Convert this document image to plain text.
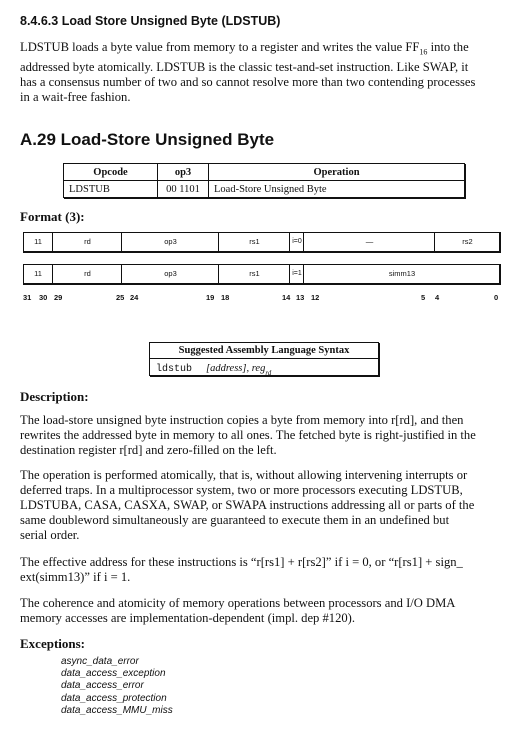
8.4.6.3 Load Store Unsigned Byte (LDSTUB)
LDSTUB loads a byte value from memory to a register and writes the value $FF_{16}$ into the
addressed byte atomically. LDSTUB is the classic test-and-set instruction. Like SWAP, it
has a consensus number of two and so cannot resolve more than two contending processes
in a wait-free fashion.
A.29 Load-Store Unsigned Byte
Opcode	op3	Operation
LDSTUB	00 1101	Load-Store Unsigned Byte
Format (3):
11	rd	op3	rs1	i=0	—	rs2
11	rd	op3	rs1	i=1	simm13
31 30 29	25 24	19 18	14 13 12	5 4	0
Suggested Assembly Language Syntax
ldstub [address], reg$_{rd}$
Description:
The load-store unsigned byte instruction copies a byte from memory into r[rd], and then
rewrites the addressed byte in memory to all ones. The fetched byte is right-justified in the
destination register r[rd] and zero-filled on the left.
The operation is performed atomically, that is, without allowing intervening interrupts or
deferred traps. In a multiprocessor system, two or more processors executing LDSTUB,
LDSTUBA, CASA, CASXA, SWAP, or SWAPA instructions addressing all or parts of the
same doubleword simultaneously are guaranteed to execute them in an undefined but
serial order.
The effective address for these instructions is “r[rs1] + r[rs2]” if i = 0, or “r[rs1] + sign_
ext(simm13)” if i = 1.
The coherence and atomicity of memory operations between processors and I/O DMA
memory accesses are implementation-dependent (impl. dep #120).
Exceptions:
async_data_error
data_access_exception
data_access_error
data_access_protection
data_access_MMU_miss
